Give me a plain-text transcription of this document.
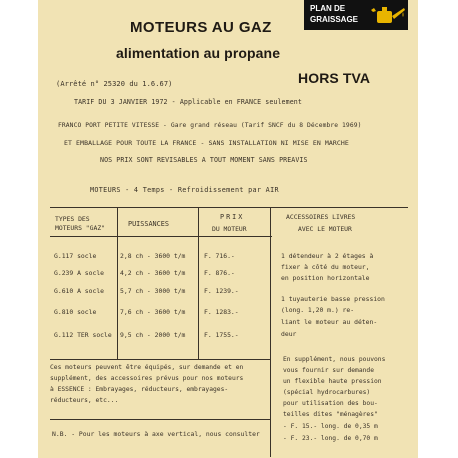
PLAN DE
GRAISSAGE
MOTEURS AU GAZ
alimentation au propane
(Arrêté n° 25320 du 1.6.67)	HORS TVA
TARIF DU 3 JANVIER 1972 - Applicable en FRANCE seulement
FRANCO PORT PETITE VITESSE - Gare grand réseau (Tarif SNCF du 8 Décembre 1969)
ET EMBALLAGE POUR TOUTE LA FRANCE - SANS INSTALLATION NI MISE EN MARCHE
NOS PRIX SONT REVISABLES A TOUT MOMENT SANS PREAVIS
MOTEURS - 4 Temps - Refroidissement par AIR
TYPES DES
MOTEURS "GAZ"	PUISSANCES
PRIX
DU MOTEUR
ACCESSOIRES LIVRES
AVEC LE MOTEUR
G.117 socle	2,8 ch - 3600 t/m	F. 716.-
G.239 A socle 4,2 ch - 3600 t/m	F. 876.-
G.610 A socle 5,7 ch - 3000 t/m	F. 1239.-
G.810 socle	7,6 ch - 3600 t/m	F. 1283.-
G.112 TER socle 9,5 ch - 2000 t/m	F. 1755.-
1 détendeur à 2 étages à
fixer à côté du moteur,
en position horizontale
1 tuyauterie basse pression
(long. 1,20 m.) re-
liant le moteur au déten-
deur
Ces moteurs peuvent être équipés, sur demande et en
supplément, des accessoires prévus pour nos moteurs
à ESSENCE : Embrayages, réducteurs, embrayages-
réducteurs, etc...
N.B. - Pour les moteurs à axe vertical, nous consulter
En supplément, nous pouvons
vous fournir sur demande
un flexible haute pression
(spécial hydrocarbures)
pour utilisation des bou-
teilles dites "ménagères"
- F. 15.- long. de 0,35 m
- F. 23.- long. de 0,70 m
